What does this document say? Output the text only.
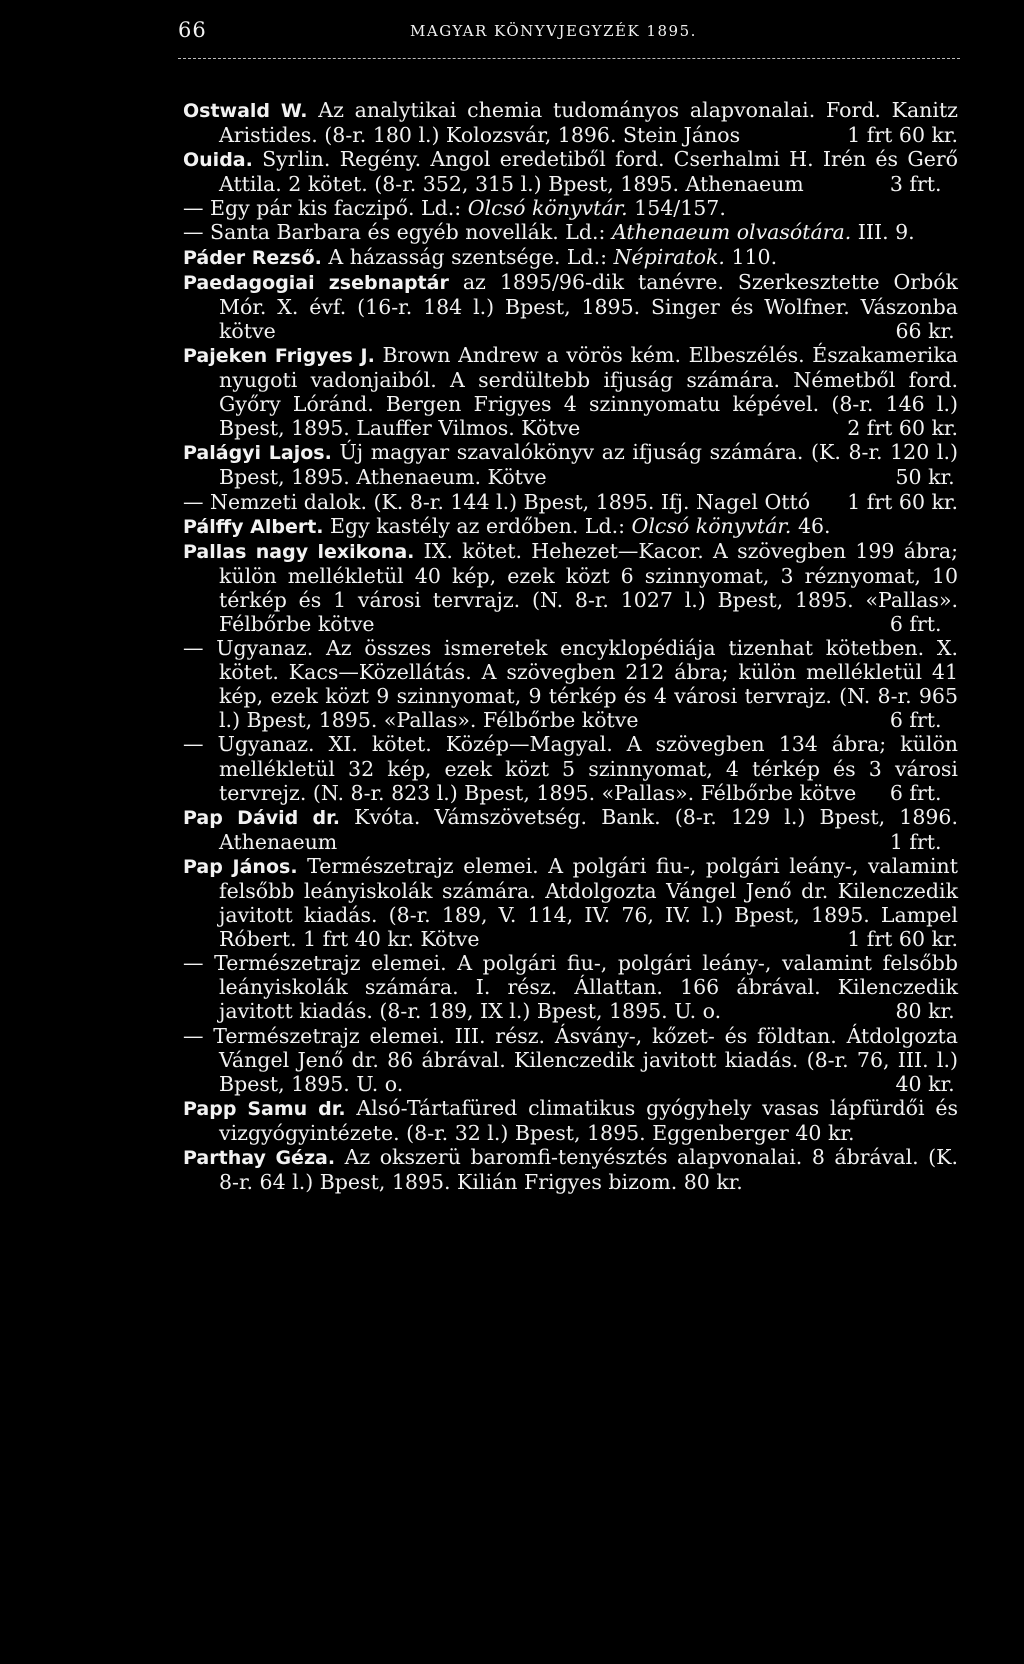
66	MAGYAR KÖNYVJEGYZÉK 1895.
Ostwald W. Az analytikai chemia tudományos alapvonalai. Ford. Kanitz Aristides. (8-r. 180 l.) Kolozsvár, 1896. Stein János	1 frt 60 kr.
Ouida. Syrlin. Regény. Angol eredetiből ford. Cserhalmi H. Irén és Gerő Attila. 2 kötet. (8-r. 352, 315 l.) Bpest, 1895. Athenaeum	3 frt.
— Egy pár kis faczipő. Ld.: Olcsó könyvtár. 154/157.
— Santa Barbara és egyéb novellák. Ld.: Athenaeum olvasótára. III. 9.
Páder Rezső. A házasság szentsége. Ld.: Népiratok. 110.
Paedagogiai zsebnaptár az 1895/96-dik tanévre. Szerkesztette Orbók Mór. X. évf. (16-r. 184 l.) Bpest, 1895. Singer és Wolfner. Vászonba kötve	66 kr.
Pajeken Frigyes J. Brown Andrew a vörös kém. Elbeszélés. Északamerika nyugoti vadonjaiból. A serdültebb ifjuság számára. Németből ford. Győry Lóránd. Bergen Frigyes 4 szinnyomatu képével. (8-r. 146 l.) Bpest, 1895. Lauffer Vilmos. Kötve	2 frt 60 kr.
Palágyi Lajos. Új magyar szavalókönyv az ifjuság számára. (K. 8-r. 120 l.) Bpest, 1895. Athenaeum. Kötve	50 kr.
— Nemzeti dalok. (K. 8-r. 144 l.) Bpest, 1895. Ifj. Nagel Ottó 1 frt 60 kr.
Pálffy Albert. Egy kastély az erdőben. Ld.: Olcsó könyvtár. 46.
Pallas nagy lexikona. IX. kötet. Hehezet—Kacor. A szövegben 199 ábra; külön mellékletül 40 kép, ezek közt 6 szinnyomat, 3 réznyomat, 10 térkép és 1 városi tervrajz. (N. 8-r. 1027 l.) Bpest, 1895. «Pallas». Félbőrbe kötve	6 frt.
— Ugyanaz. Az összes ismeretek encyklopédiája tizenhat kötetben. X. kötet. Kacs—Közellátás. A szövegben 212 ábra; külön mellékletül 41 kép, ezek közt 9 szinnyomat, 9 térkép és 4 városi tervrajz. (N. 8-r. 965 l.) Bpest, 1895. «Pallas». Félbőrbe kötve	6 frt.
— Ugyanaz. XI. kötet. Közép—Magyal. A szövegben 134 ábra; külön mellékletül 32 kép, ezek közt 5 szinnyomat, 4 térkép és 3 városi tervrejz. (N. 8-r. 823 l.) Bpest, 1895. «Pallas». Félbőrbe kötve 6 frt.
Pap Dávid dr. Kvóta. Vámszövetség. Bank. (8-r. 129 l.) Bpest, 1896. Athenaeum	1 frt.
Pap János. Természetrajz elemei. A polgári fiu-, polgári leány-, valamint felsőbb leányiskolák számára. Atdolgozta Vángel Jenő dr. Kilenczedik javitott kiadás. (8-r. 189, V. 114, IV. 76, IV. l.) Bpest, 1895. Lampel Róbert. 1 frt 40 kr. Kötve	1 frt 60 kr.
— Természetrajz elemei. A polgári fiu-, polgári leány-, valamint felsőbb leányiskolák számára. I. rész. Állattan. 166 ábrával. Kilenczedik javitott kiadás. (8-r. 189, IX l.) Bpest, 1895. U. o.	80 kr.
— Természetrajz elemei. III. rész. Ásvány-, kőzet- és földtan. Átdolgozta Vángel Jenő dr. 86 ábrával. Kilenczedik javitott kiadás. (8-r. 76, III. l.) Bpest, 1895. U. o.	40 kr.
Papp Samu dr. Alsó-Tártafüred climatikus gyógyhely vasas lápfürdői és vizgyógyintézete. (8-r. 32 l.) Bpest, 1895. Eggenberger 40 kr.
Parthay Géza. Az okszerü baromfi-tenyésztés alapvonalai. 8 ábrával. (K. 8-r. 64 l.) Bpest, 1895. Kilián Frigyes bizom. 80 kr.
